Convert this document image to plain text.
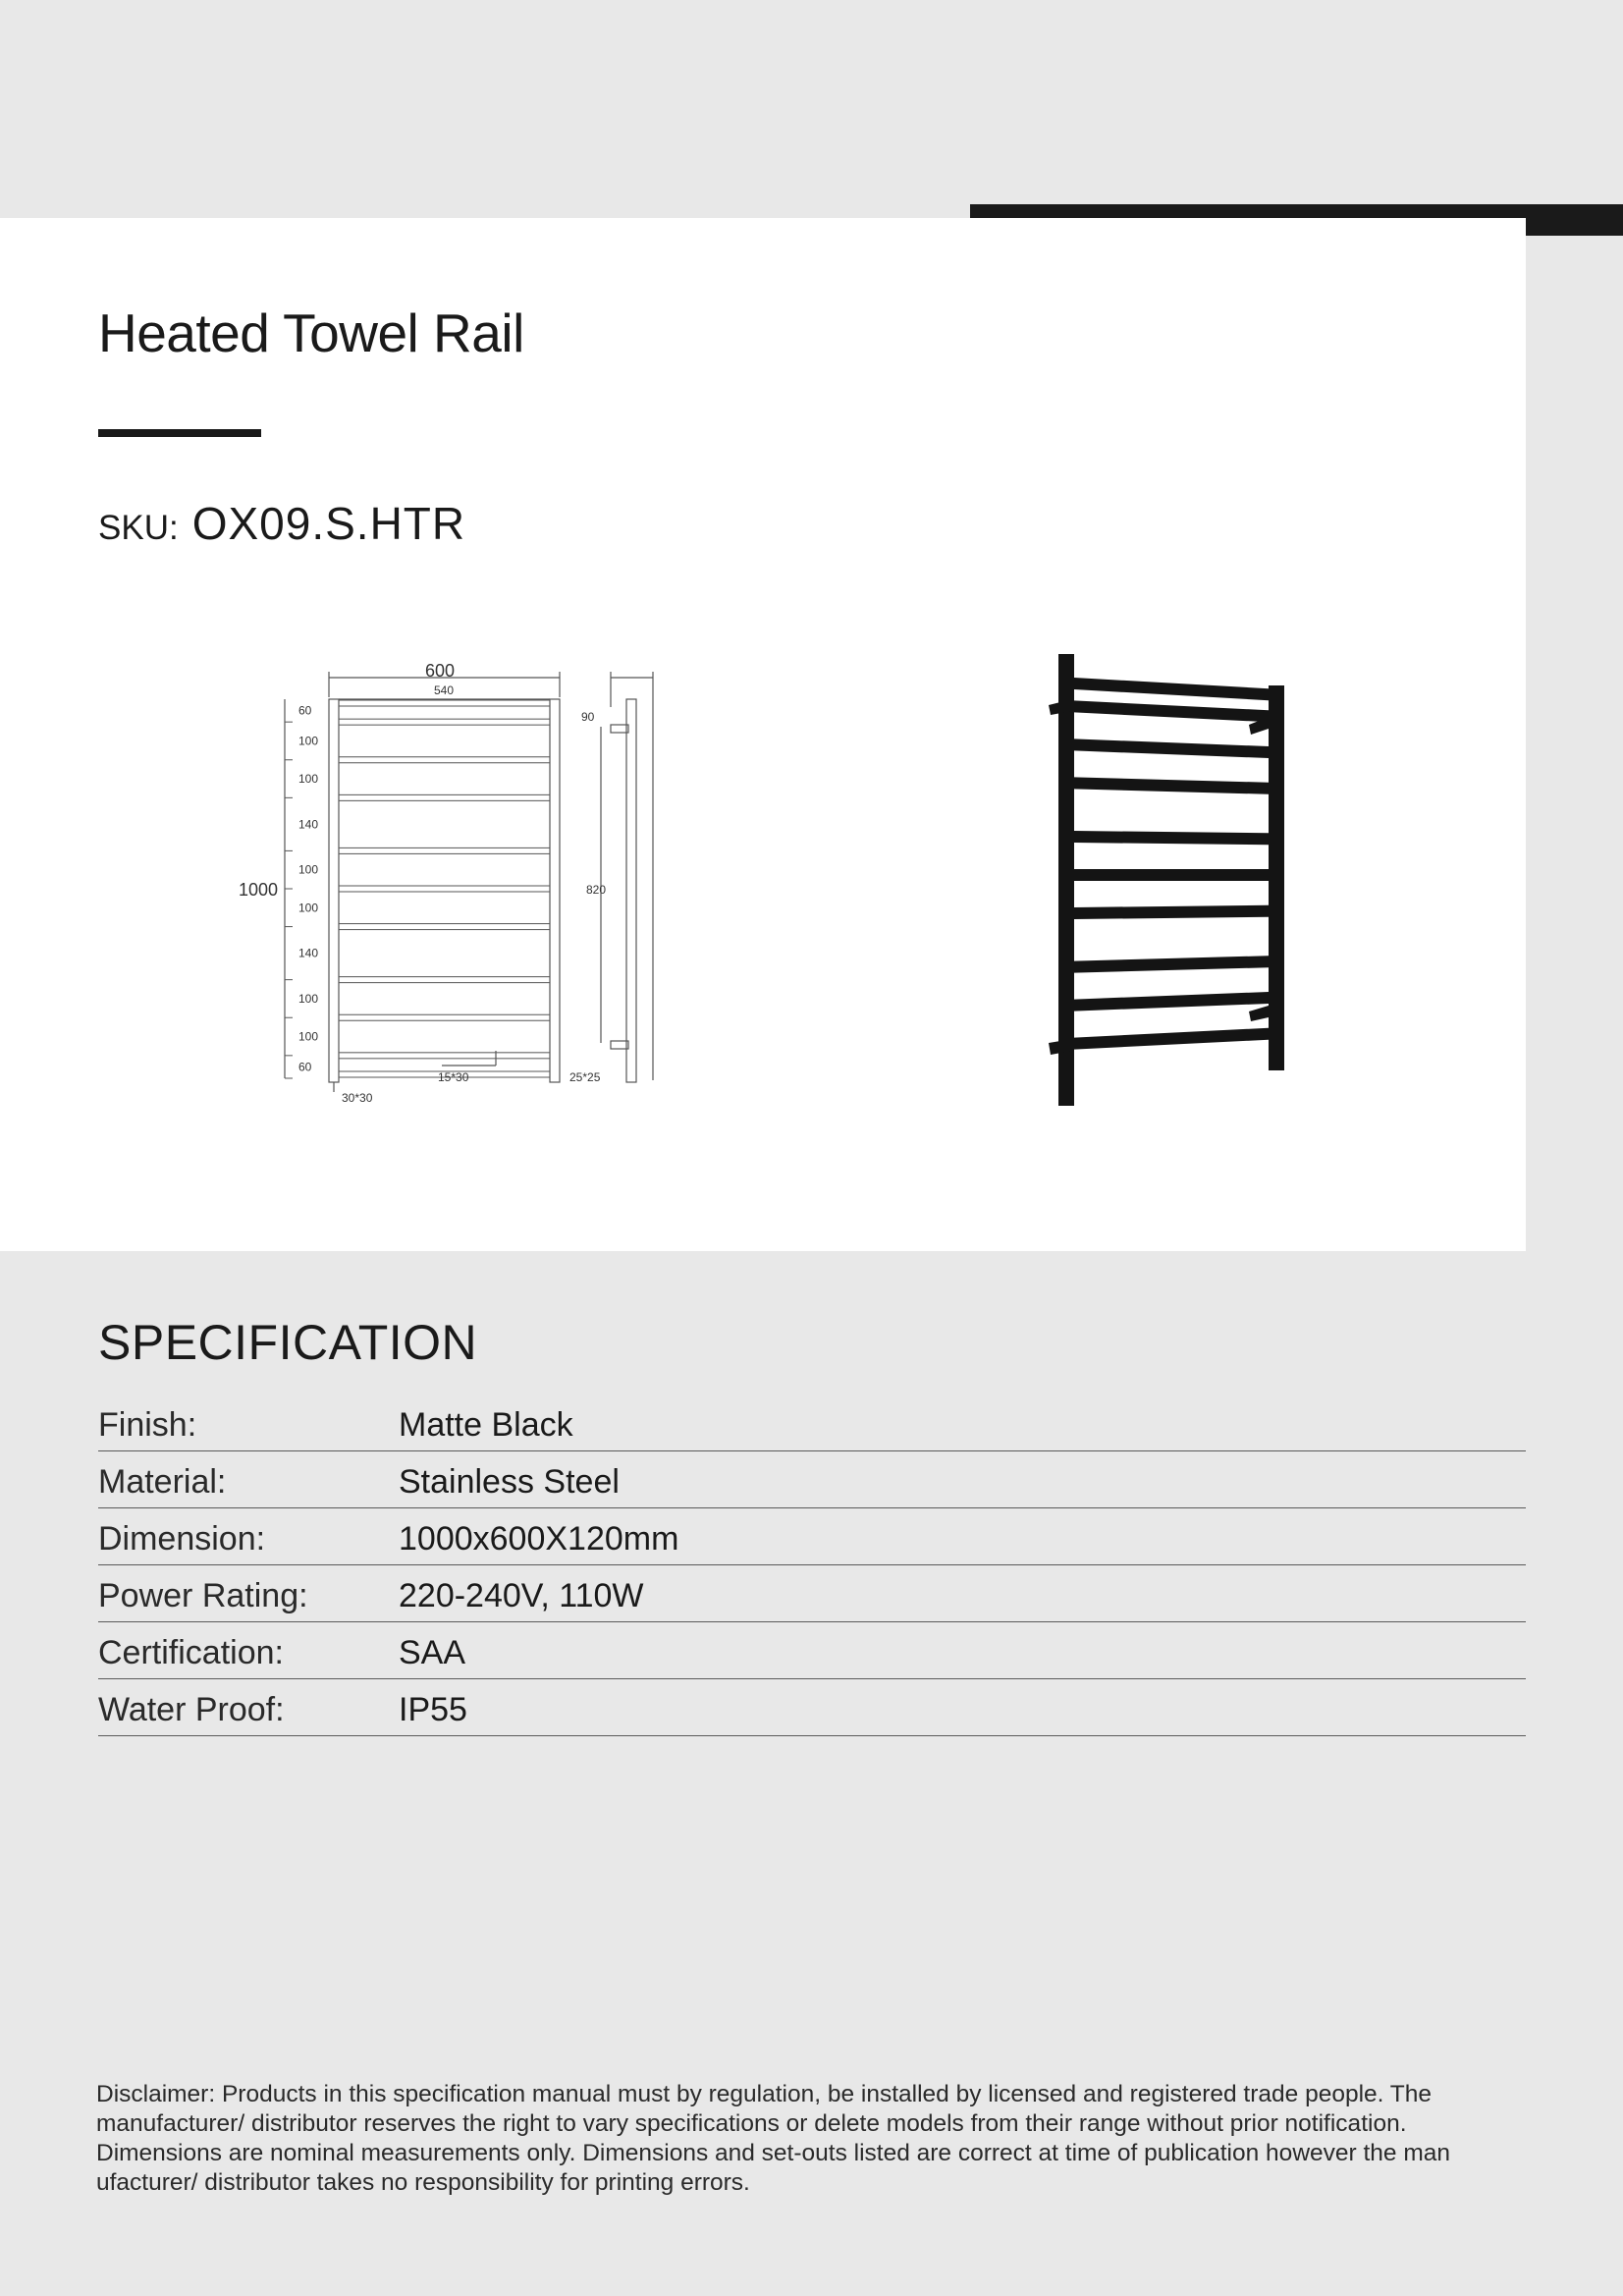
Heated Towel Rail
SKU: OX09.S.HTR
600
540
1000
90
820
30*30
15*30	25*25
60
100
100
140
100
100
140
100
100
60
SPECIFICATION
Finish:	Matte Black
Material:	Stainless Steel
Dimension:	1000x600X120mm
Power Rating:	220-240V, 110W
Certification:	SAA
Water Proof:	IP55

Disclaimer: Products in this specification manual must by regulation, be installed by licensed and registered trade people. The manufacturer/ distributor reserves the right to vary specifications or delete models from their range without prior notification. Dimensions are nominal measurements only. Dimensions and set-outs listed are correct at time of publication however the man ufacturer/ distributor takes no responsibility for printing errors.
